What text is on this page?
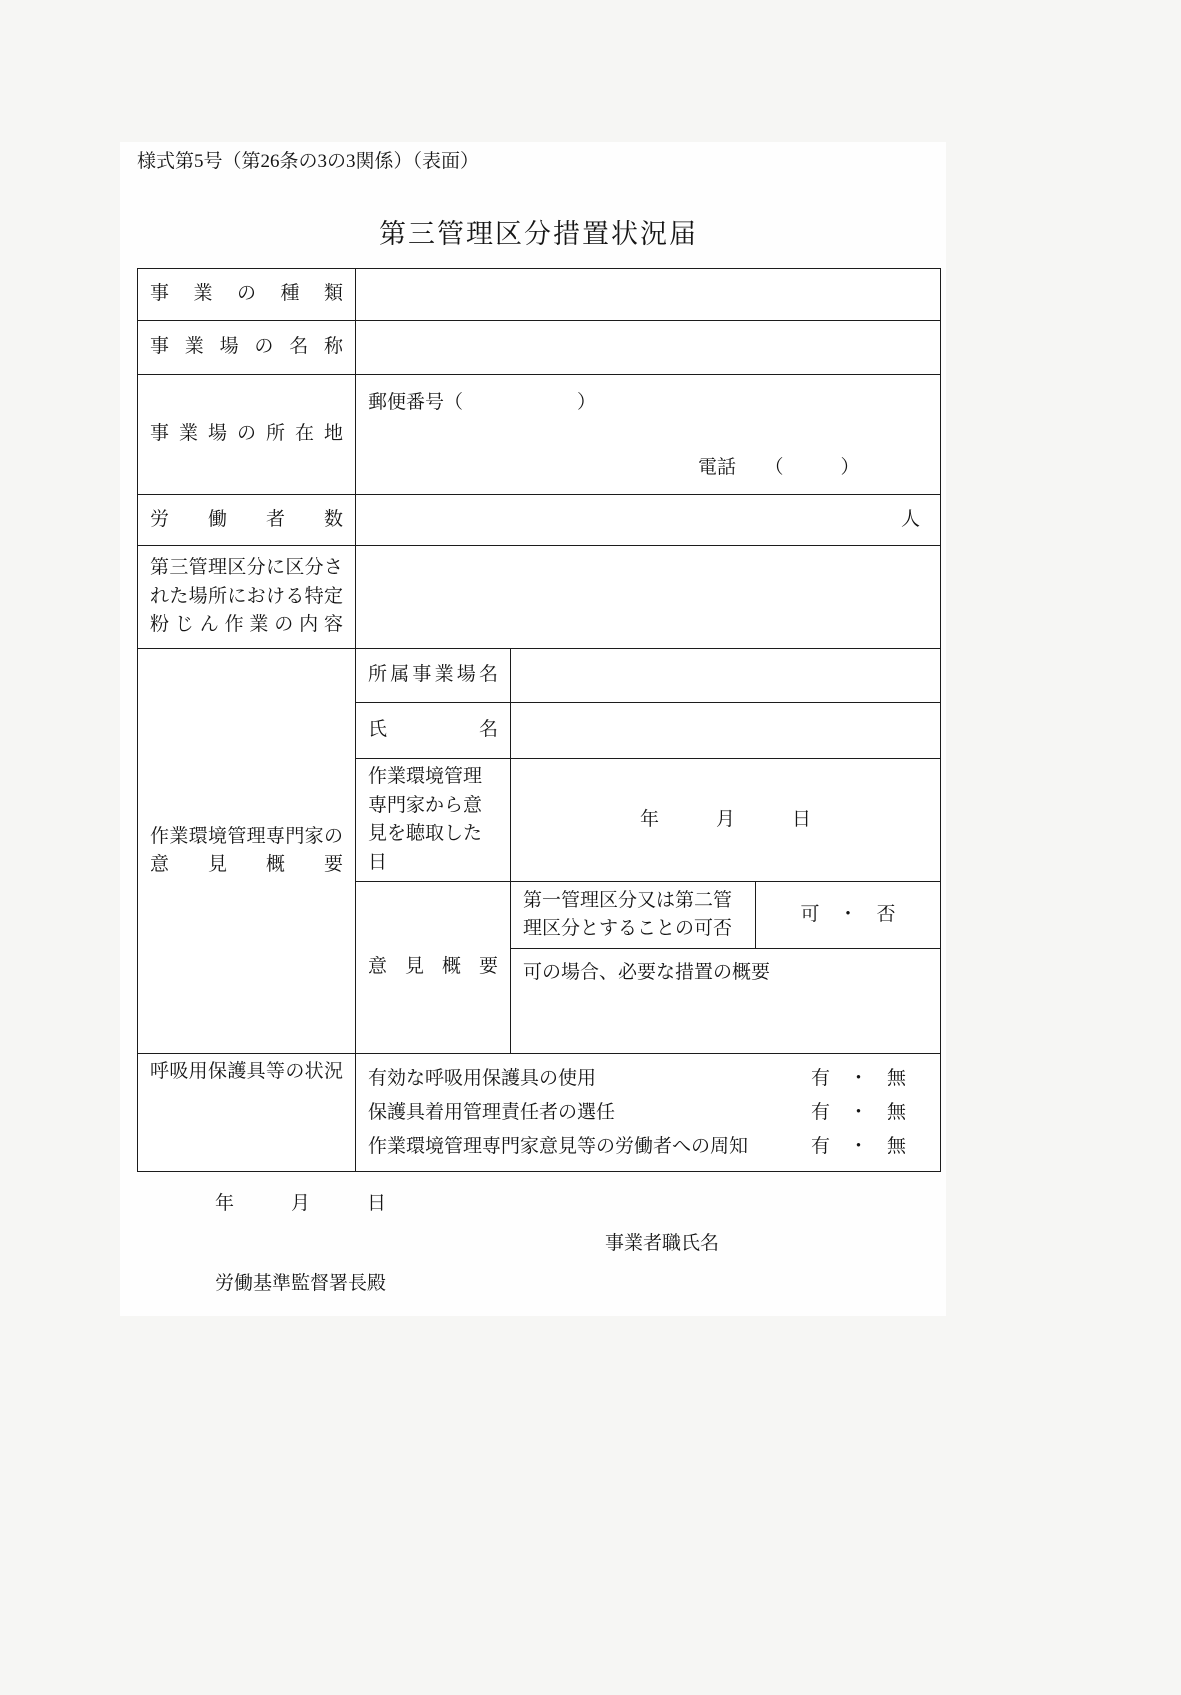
様式第5号（第26条の3の3関係）（表面）
第三管理区分措置状況届
事業の種類			
事業場の名称			
事業場の所在地	郵便番号（　　　　　　）
電話　　（　　　）		

労働者数	人		
第三管理区分に区分された場所における特定粉じん作業の内容			
作業環境管理専門家の意見概要	所属事業場名		
	氏名		
	作業環境管理専門家から意見を聴取した日	年　　　月　　　日	
	意見概要	第一管理区分又は第二管理区分とすることの可否	可　・　否
		可の場合、必要な措置の概要	
呼吸用保護具等の状況	有効な呼吸用保護具の使用	有　・　無
保護具着用管理責任者の選任	有　・　無
作業環境管理専門家意見等の労働者への周知	有　・　無
年　　　月　　　日
事業者職氏名
労働基準監督署長殿
